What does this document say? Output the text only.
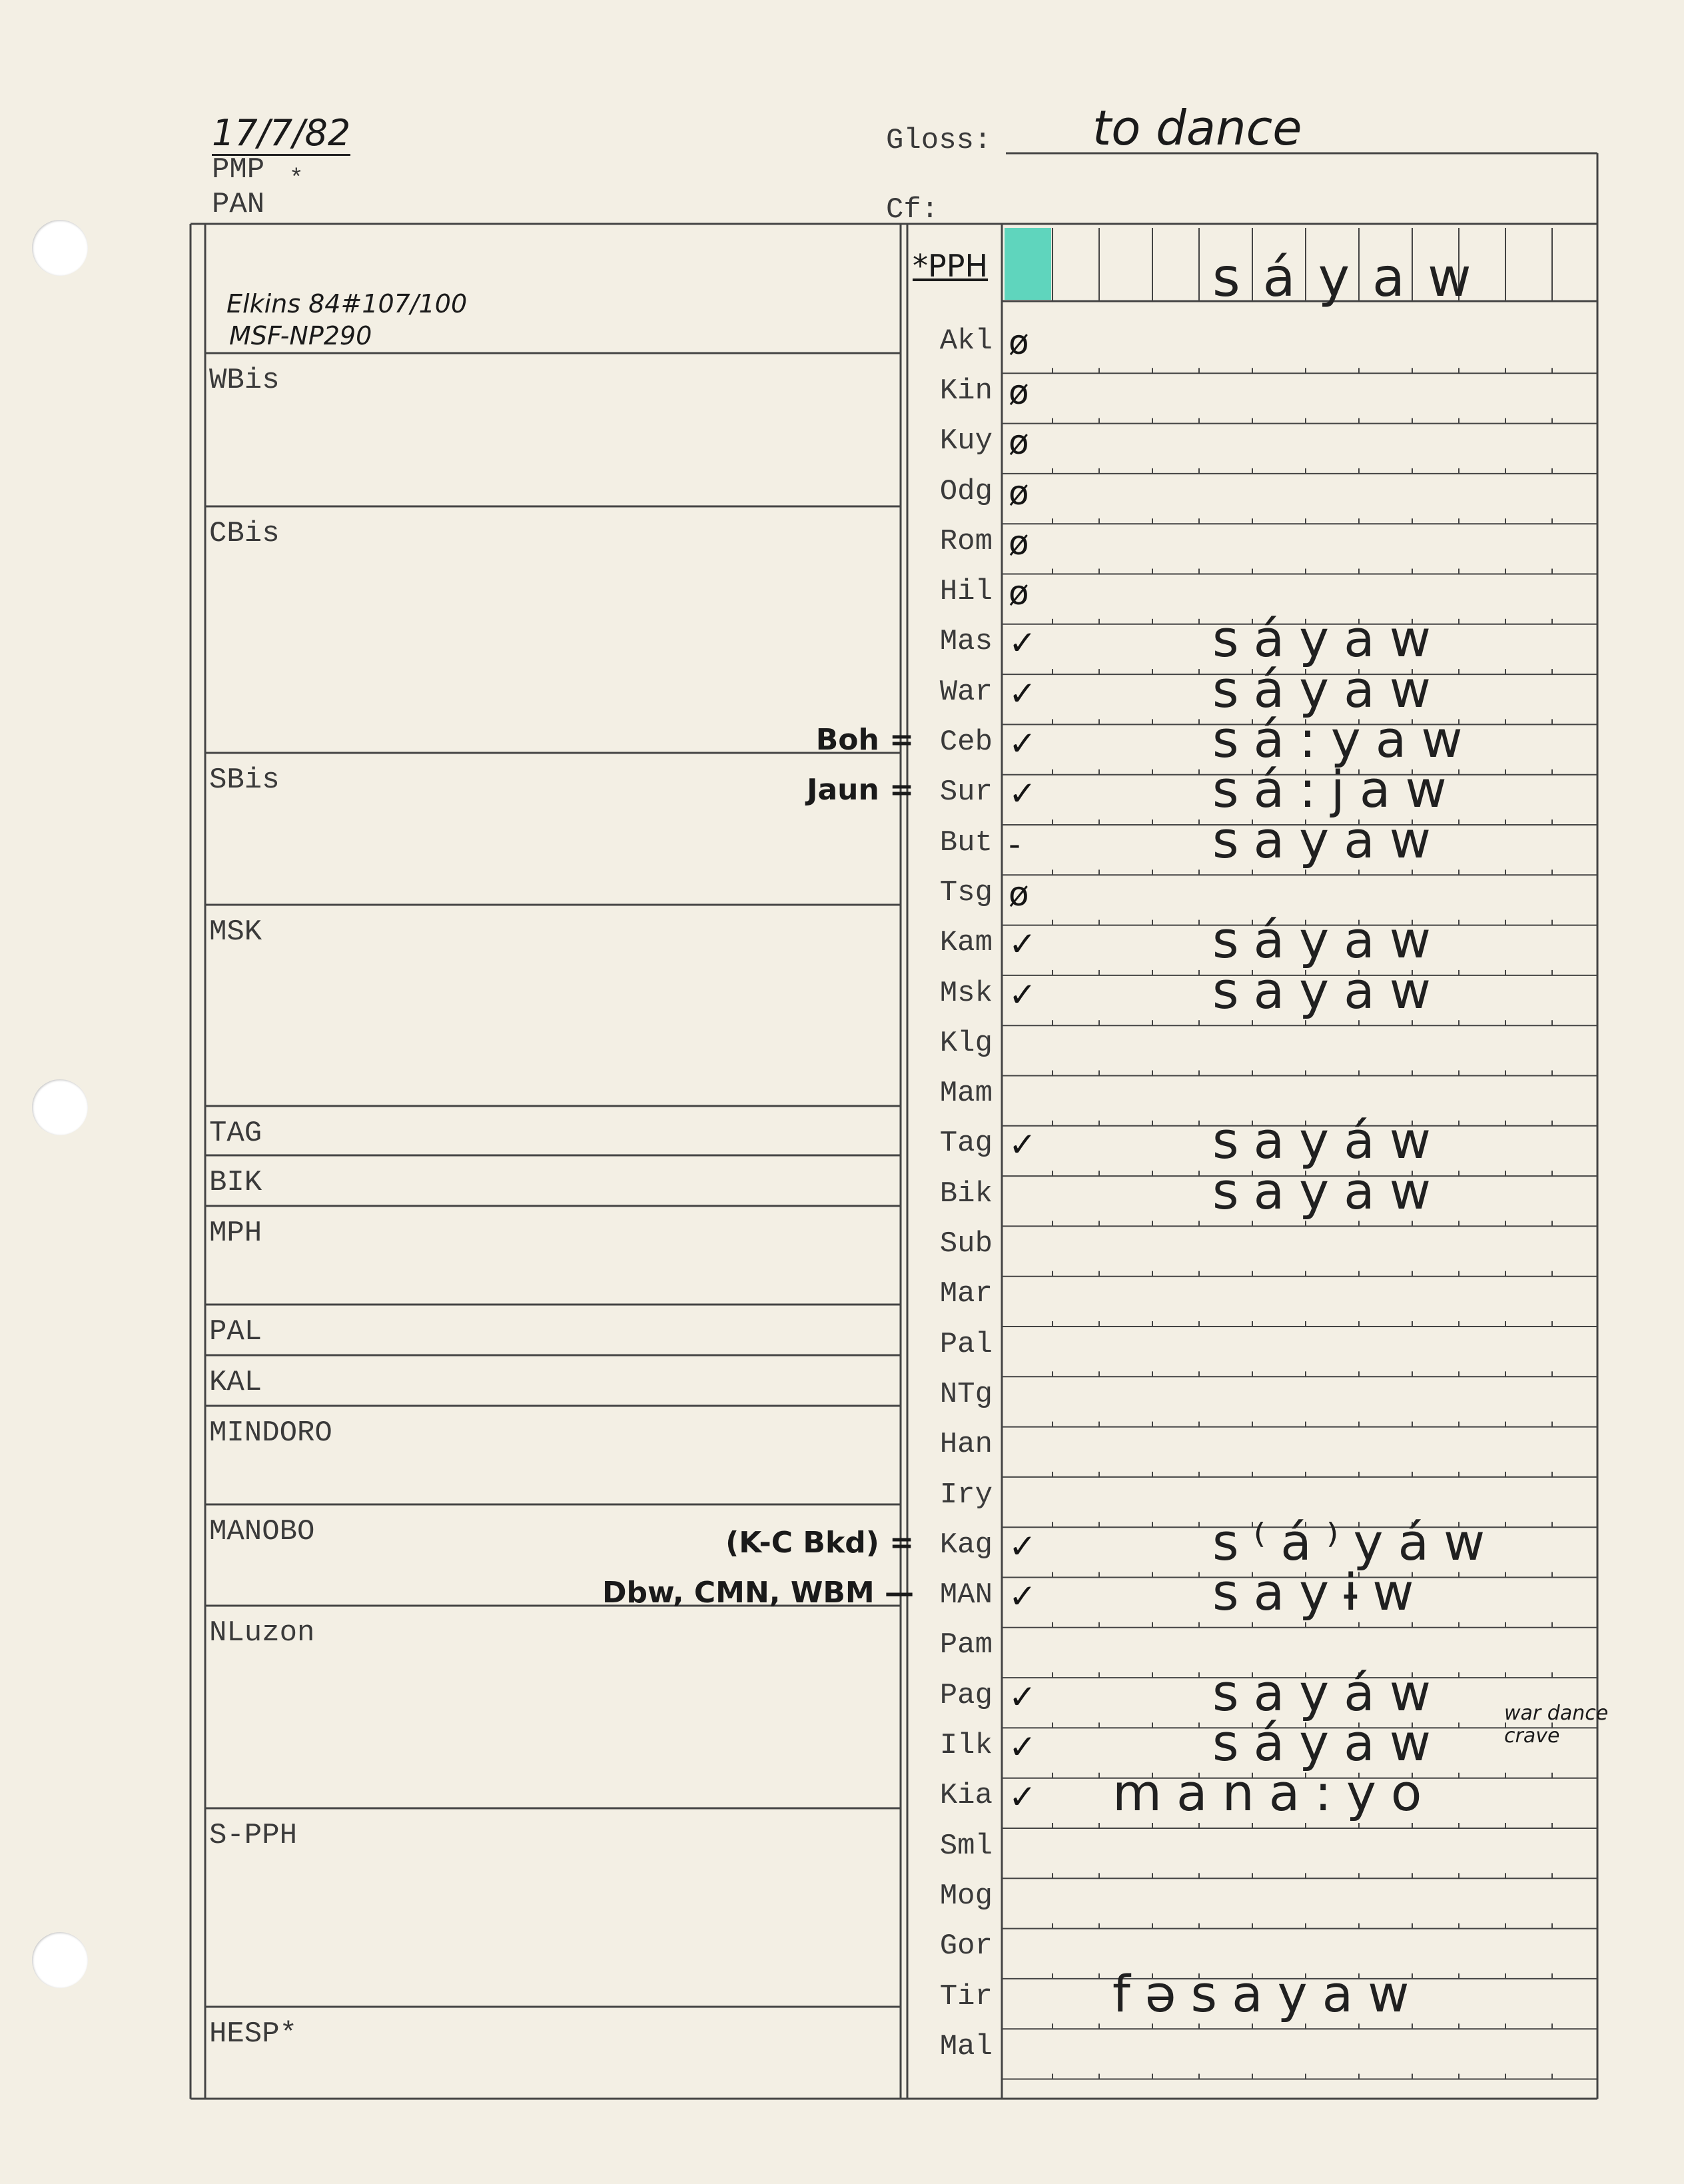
17/7/82
PMP *
PAN
Gloss: to dance
Cf:
*PPH	sáyaw
Elkins 84#107/100
MSF-NP290
WBis
CBis
SBis
MSK
TAG
BIK
MPH
PAL
KAL
MINDORO
MANOBO
NLuzon
S-PPH
HESP*
Akl ø
Kin ø
Kuy ø
Odg ø
Rom ø
Hil ø
Mas ✓	sáyaw
War ✓	sáyaw
Ceb ✓	sá:yaw
Boh =
Sur ✓	sá:jaw
Jaun =
But -	sayaw
Tsg ø
Kam ✓	sáyaw
Msk ✓	sayaw
Klg
Mam
Tag ✓	sayáw
Bik	sayaw
Sub
Mar
Pal
NTg
Han
Iry
Kag ✓	s⁽á⁾yáw
(K-C Bkd) =
MAN ✓	sayɨw
Dbw, CMN, WBM —
Pam
Pag ✓	sayáw
Ilk ✓	sáyaw	war dance
crave
Kia ✓ mana:yo
Sml
Mog
Gor
Tir fəsayaw
Mal
